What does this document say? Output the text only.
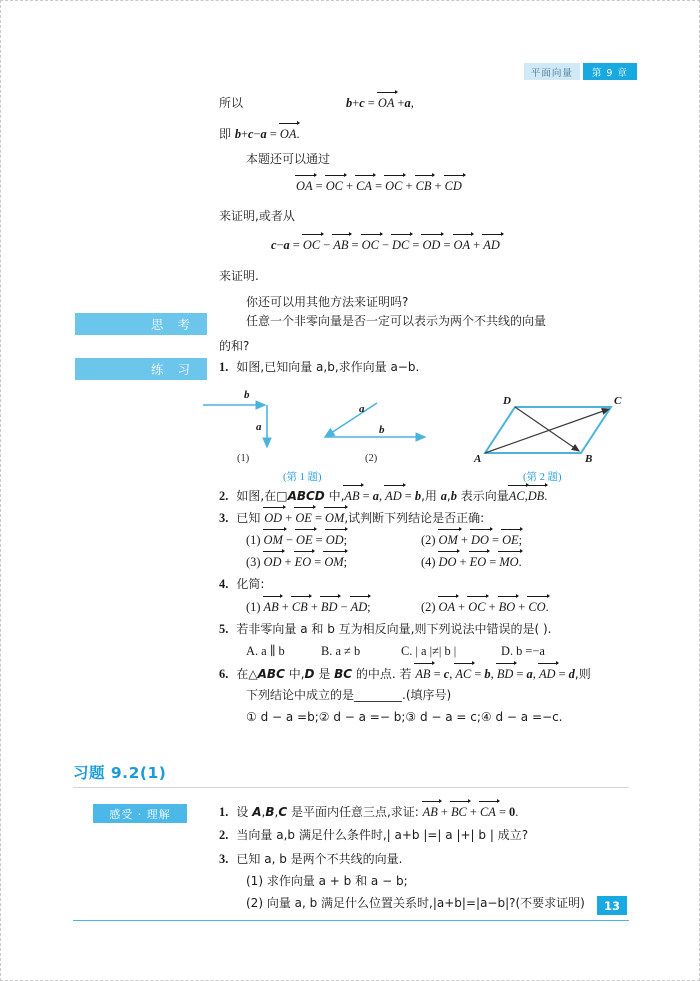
平面向量	第 9 章
所以	b+c = OA +a,
即 b+c−a = OA.
本题还可以通过
OA = OC + CA = OC + CB + CD
来证明,或者从
c−a = OC − AB = OC − DC = OD = OA + AD
来证明.
你还可以用其他方法来证明吗?
思 考	任意一个非零向量是否一定可以表示为两个不共线的向量
的和?
练 习 1. 如图,已知向量 a,b,求作向量 a−b.
b
a
a
b
(1)	(2)
(第 1 题)
D	C
A	B
(第 2 题)
2. 如图,在□ABCD 中,AB = a, AD = b,用 a,b 表示向量AC,DB.
3. 已知 OD + OE = OM,试判断下列结论是否正确:
(1) OM − OE = OD;	(2) OM + DO = OE;
(3) OD + EO = OM;	(4) DO + EO = MO.
4. 化简:
(1) AB + CB + BD − AD;	(2) OA + OC + BO + CO.
5. 若非零向量 a 和 b 互为相反向量,则下列说法中错误的是( ).
A. a ∥ b	B. a ≠ b	C. | a |≠| b |	D. b =−a
6. 在△ABC 中,D 是 BC 的中点. 若 AB = c, AC = b, BD = a, AD = d,则
下列结论中成立的是________.(填序号)
① d − a =b;② d − a =− b;③ d − a = c;④ d − a =−c.
习题 9.2(1)
感受 · 理解	1. 设 A,B,C 是平面内任意三点,求证: AB + BC + CA = 0.
2. 当向量 a,b 满足什么条件时,| a+b |=| a |+| b | 成立?
3. 已知 a, b 是两个不共线的向量.
(1) 求作向量 a + b 和 a − b;
(2) 向量 a, b 满足什么位置关系时,|a+b|=|a−b|?(不要求证明)	13
